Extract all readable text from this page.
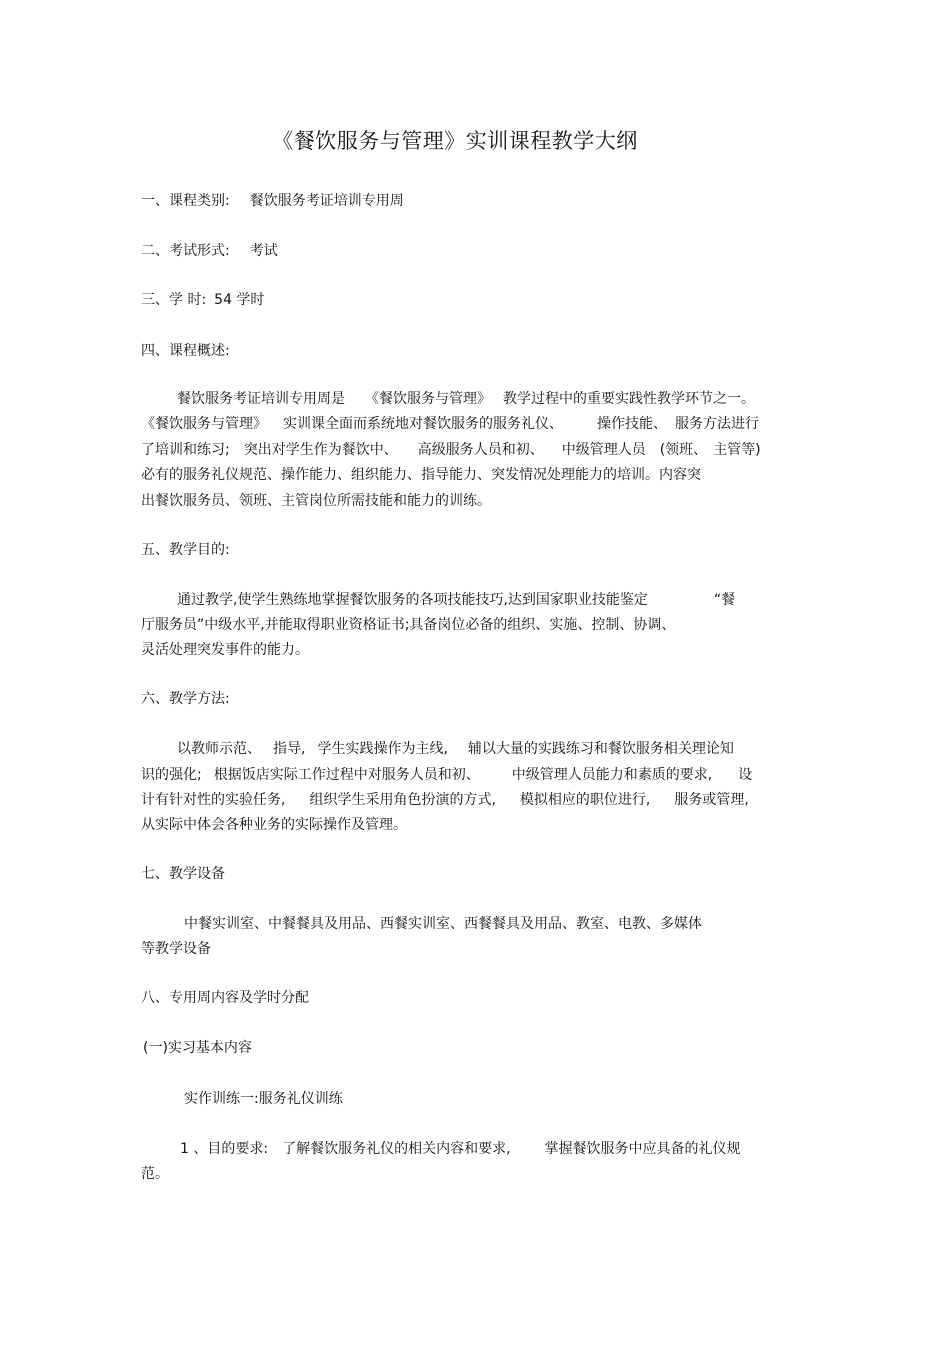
《餐饮服务与管理》实训课程教学大纲
一、课程类别: 餐饮服务考证培训专用周
二、考试形式: 考试
三、学 时: 54 学时
四、课程概述:
餐饮服务考证培训专用周是 《餐饮服务与管理》 教学过程中的重要实践性教学环节之一。
《餐饮服务与管理》 实训课全面而系统地对餐饮服务的服务礼仪、 操作技能、 服务方法进行
了培训和练习; 突出对学生作为餐饮中、 高级服务人员和初、 中级管理人员 (领班、 主管等)
必有的服务礼仪规范、操作能力、组织能力、指导能力、突发情况处理能力的培训。内容突
出餐饮服务员、领班、主管岗位所需技能和能力的训练。
五、教学目的:
通过教学,使学生熟练地掌握餐饮服务的各项技能技巧,达到国家职业技能鉴定	“餐
厅服务员”中级水平,并能取得职业资格证书;具备岗位必备的组织、实施、控制、协调、
灵活处理突发事件的能力。
六、教学方法:
以教师示范、 指导, 学生实践操作为主线, 辅以大量的实践练习和餐饮服务相关理论知
识的强化; 根据饭店实际工作过程中对服务人员和初、 中级管理人员能力和素质的要求, 设
计有针对性的实验任务, 组织学生采用角色扮演的方式, 模拟相应的职位进行, 服务或管理,
从实际中体会各种业务的实际操作及管理。
七、教学设备
中餐实训室、中餐餐具及用品、西餐实训室、西餐餐具及用品、教室、电教、多媒体
等教学设备
八、专用周内容及学时分配
(一)实习基本内容
实作训练一:服务礼仪训练
1 、目的要求: 了解餐饮服务礼仪的相关内容和要求, 掌握餐饮服务中应具备的礼仪规
范。
